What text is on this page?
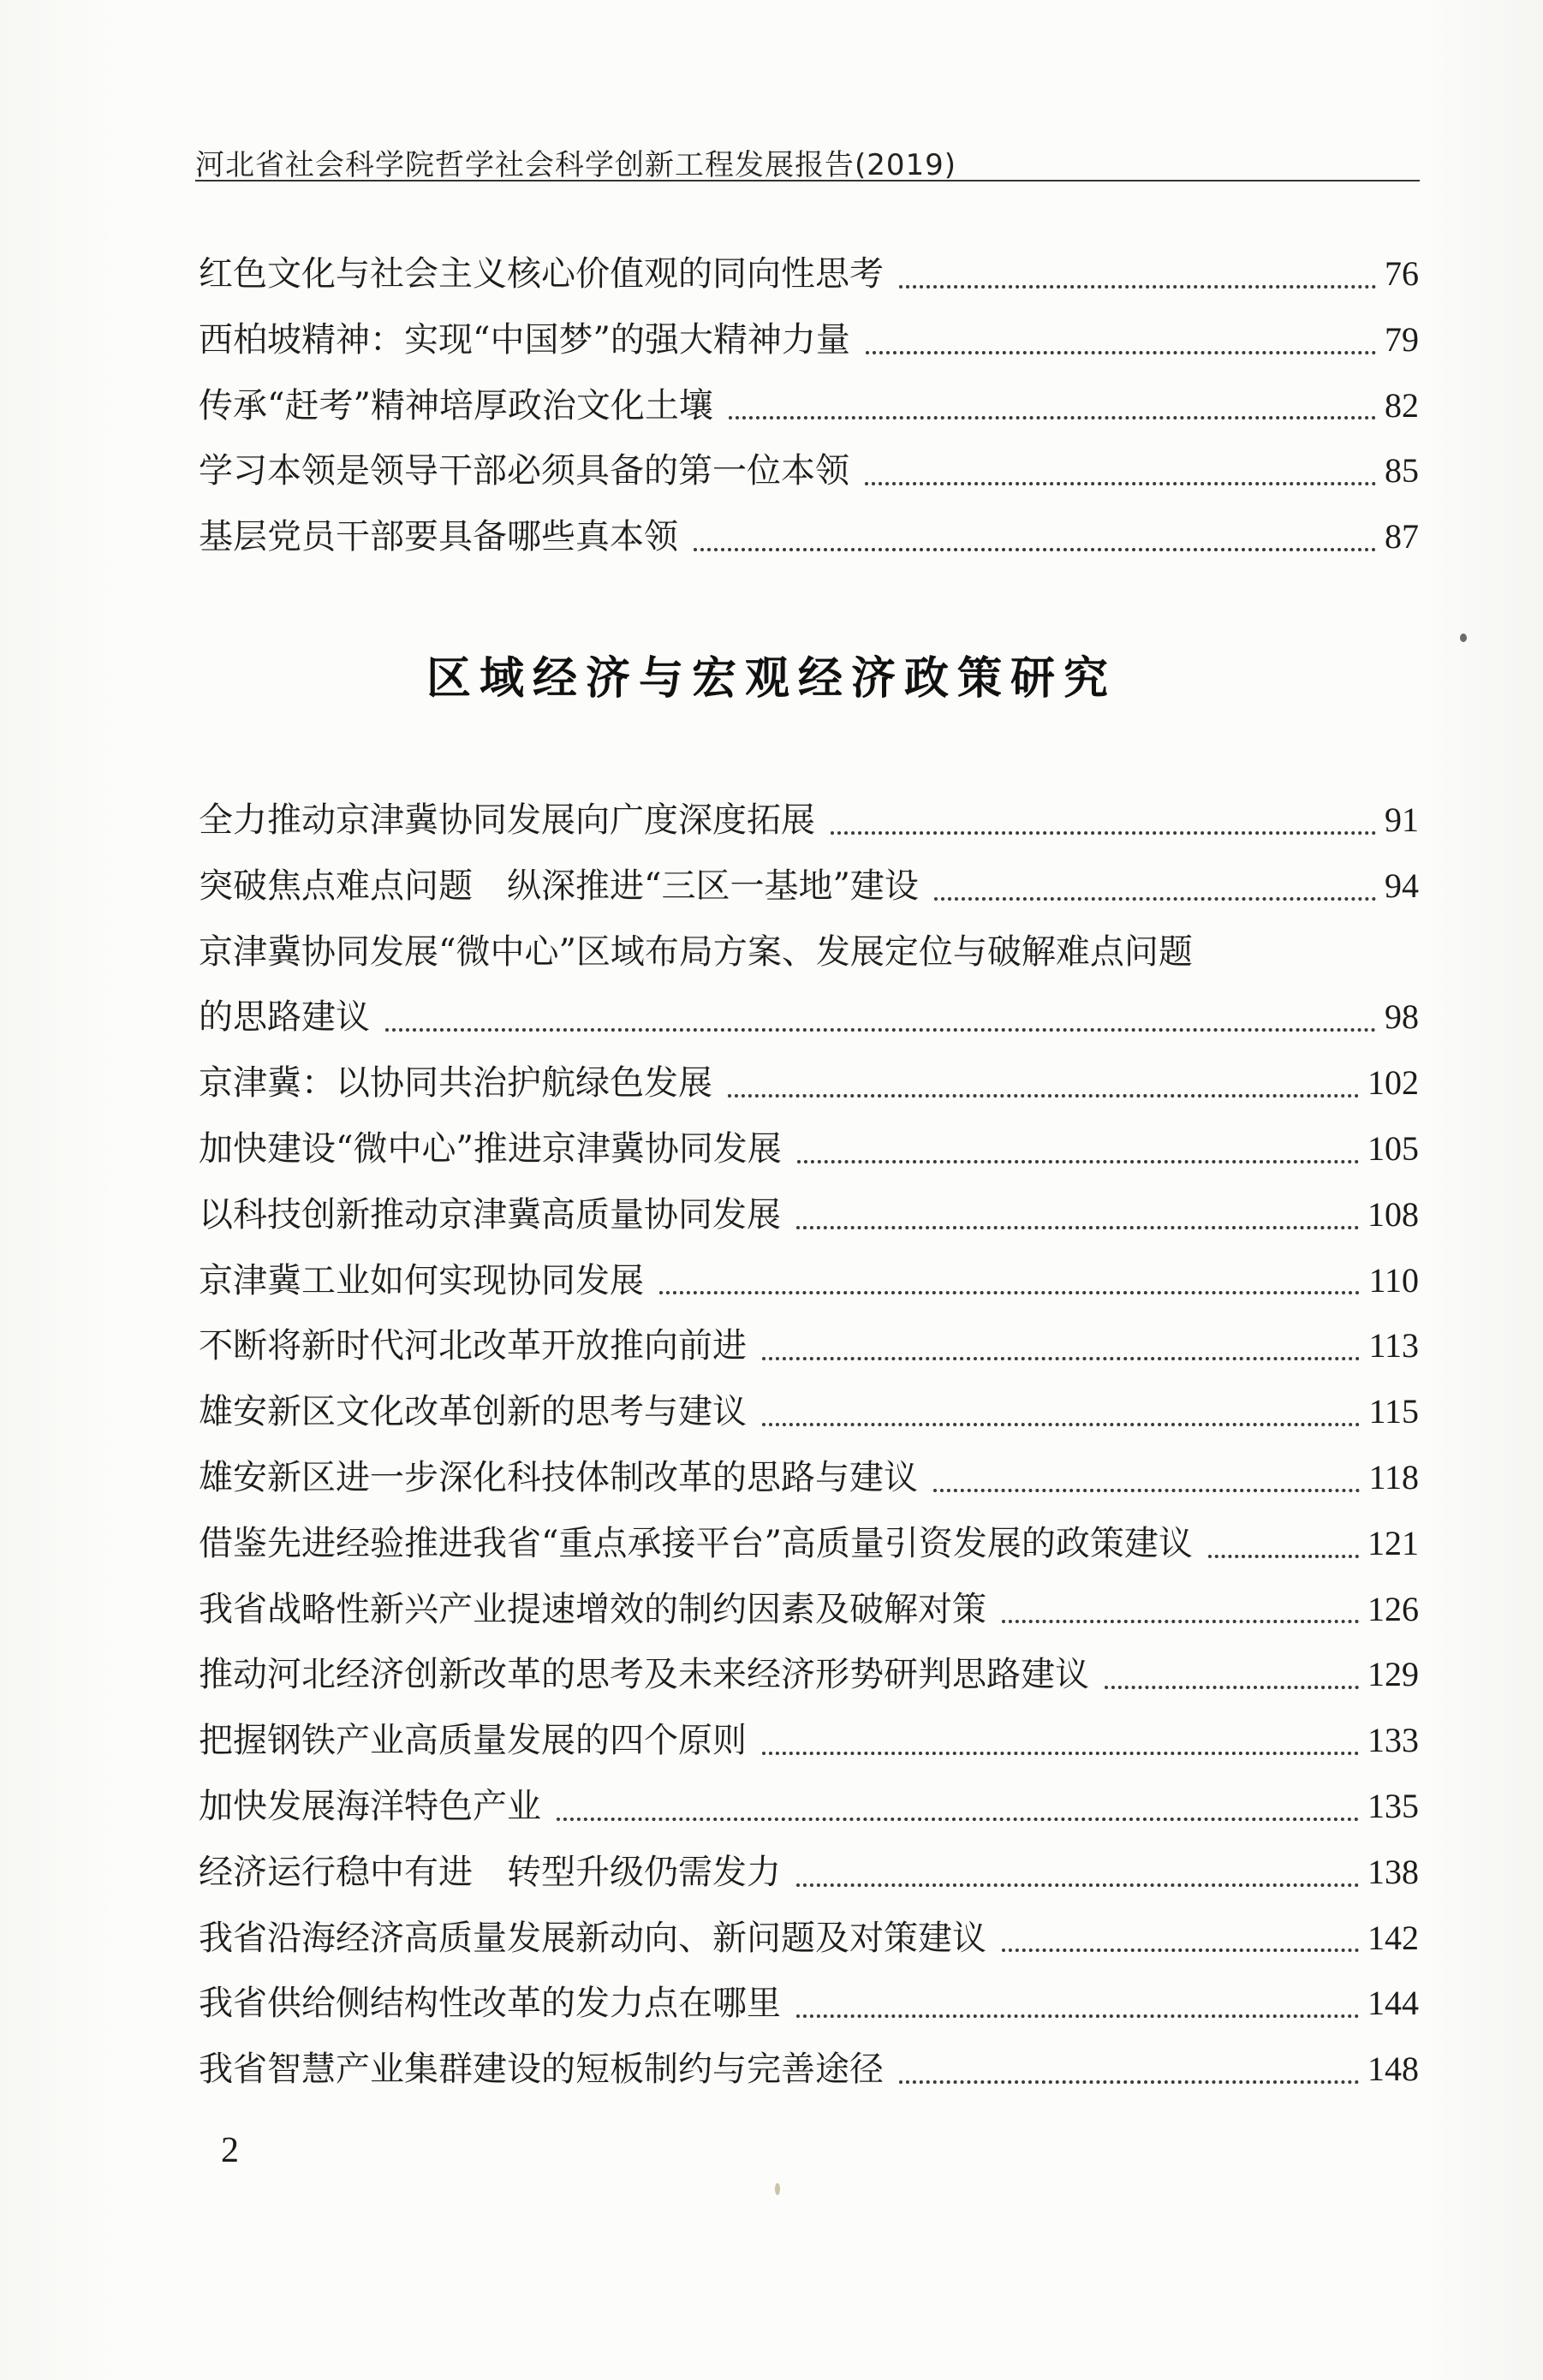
河北省社会科学院哲学社会科学创新工程发展报告(2019)
红色文化与社会主义核心价值观的同向性思考	76
西柏坡精神：实现“中国梦”的强大精神力量	79
传承“赶考”精神培厚政治文化土壤	82
学习本领是领导干部必须具备的第一位本领	85
基层党员干部要具备哪些真本领	87
区域经济与宏观经济政策研究
全力推动京津冀协同发展向广度深度拓展	91
突破焦点难点问题　纵深推进“三区一基地”建设	94
京津冀协同发展“微中心”区域布局方案、发展定位与破解难点问题
的思路建议	98
京津冀：以协同共治护航绿色发展	102
加快建设“微中心”推进京津冀协同发展	105
以科技创新推动京津冀高质量协同发展	108
京津冀工业如何实现协同发展	110
不断将新时代河北改革开放推向前进	113
雄安新区文化改革创新的思考与建议	115
雄安新区进一步深化科技体制改革的思路与建议	118
借鉴先进经验推进我省“重点承接平台”高质量引资发展的政策建议	121
我省战略性新兴产业提速增效的制约因素及破解对策	126
推动河北经济创新改革的思考及未来经济形势研判思路建议	129
把握钢铁产业高质量发展的四个原则	133
加快发展海洋特色产业	135
经济运行稳中有进　转型升级仍需发力	138
我省沿海经济高质量发展新动向、新问题及对策建议	142
我省供给侧结构性改革的发力点在哪里	144
我省智慧产业集群建设的短板制约与完善途径	148
2
